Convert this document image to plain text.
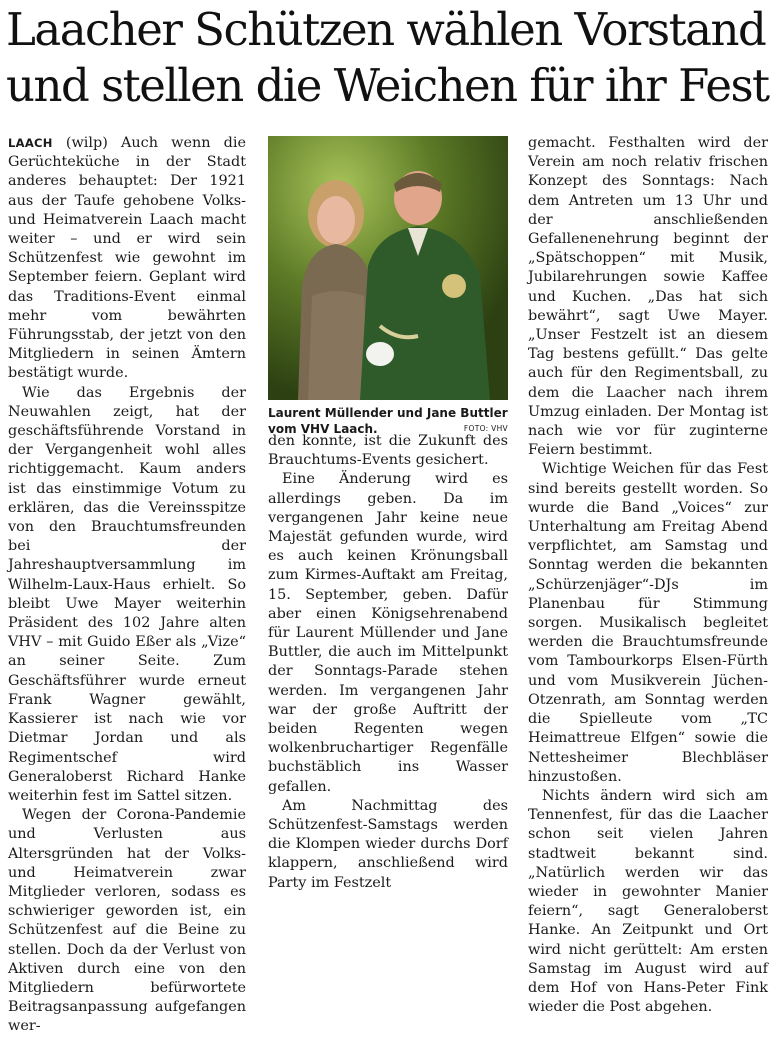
Laacher Schützen wählen Vorstand und stellen die Weichen für ihr Fest

LAACH (wilp) Auch wenn die Gerüchteküche in der Stadt anderes behauptet: Der 1921 aus der Taufe gehobene Volks- und Heimatverein Laach macht weiter – und er wird sein Schützenfest wie gewohnt im September feiern. Geplant wird das Traditions-Event einmal mehr vom bewährten Führungsstab, der jetzt von den Mitgliedern in seinen Ämtern bestätigt wurde.

Wie das Ergebnis der Neuwahlen zeigt, hat der geschäftsführende Vorstand in der Vergangenheit wohl alles richtiggemacht. Kaum anders ist das einstimmige Votum zu erklären, das die Vereinsspitze von den Brauchtumsfreunden bei der Jahreshauptversammlung im Wilhelm-Laux-Haus erhielt. So bleibt Uwe Mayer weiterhin Präsident des 102 Jahre alten VHV – mit Guido Eßer als „Vize“ an seiner Seite. Zum Geschäftsführer wurde erneut Frank Wagner gewählt, Kassierer ist nach wie vor Dietmar Jordan und als Regimentschef wird Generaloberst Richard Hanke weiterhin fest im Sattel sitzen.

Wegen der Corona-Pandemie und Verlusten aus Altersgründen hat der Volks- und Heimatverein zwar Mitglieder verloren, sodass es schwieriger geworden ist, ein Schützenfest auf die Beine zu stellen. Doch da der Verlust von Aktiven durch eine von den Mitgliedern befürwortete Beitragsanpassung aufgefangen wer-

Laurent Müllender und Jane Buttler vom VHV Laach.	FOTO: VHV

den konnte, ist die Zukunft des Brauchtums-Events gesichert.

Eine Änderung wird es allerdings geben. Da im vergangenen Jahr keine neue Majestät gefunden wurde, wird es auch keinen Krönungsball zum Kirmes-Auftakt am Freitag, 15. September, geben. Dafür aber einen Königsehrenabend für Laurent Müllender und Jane Buttler, die auch im Mittelpunkt der Sonntags-Parade stehen werden. Im vergangenen Jahr war der große Auftritt der beiden Regenten wegen wolkenbruchartiger Regenfälle buchstäblich ins Wasser gefallen.

Am Nachmittag des Schützenfest-Samstags werden die Klompen wieder durchs Dorf klappern, anschließend wird Party im Festzelt

gemacht. Festhalten wird der Verein am noch relativ frischen Konzept des Sonntags: Nach dem Antreten um 13 Uhr und der anschließenden Gefallenenehrung beginnt der „Spätschoppen“ mit Musik, Jubilarehrungen sowie Kaffee und Kuchen. „Das hat sich bewährt“, sagt Uwe Mayer. „Unser Festzelt ist an diesem Tag bestens gefüllt.“ Das gelte auch für den Regimentsball, zu dem die Laacher nach ihrem Umzug einladen. Der Montag ist nach wie vor für zuginterne Feiern bestimmt.

Wichtige Weichen für das Fest sind bereits gestellt worden. So wurde die Band „Voices“ zur Unterhaltung am Freitag Abend verpflichtet, am Samstag und Sonntag werden die bekannten „Schürzenjäger“-DJs im Planenbau für Stimmung sorgen. Musikalisch begleitet werden die Brauchtumsfreunde vom Tambourkorps Elsen-Fürth und vom Musikverein Jüchen-Otzenrath, am Sonntag werden die Spielleute vom „TC Heimattreue Elfgen“ sowie die Nettesheimer Blechbläser hinzustoßen.

Nichts ändern wird sich am Tennenfest, für das die Laacher schon seit vielen Jahren stadtweit bekannt sind. „Natürlich werden wir das wieder in gewohnter Manier feiern“, sagt Generaloberst Hanke. An Zeitpunkt und Ort wird nicht gerüttelt: Am ersten Samstag im August wird auf dem Hof von Hans-Peter Fink wieder die Post abgehen.
